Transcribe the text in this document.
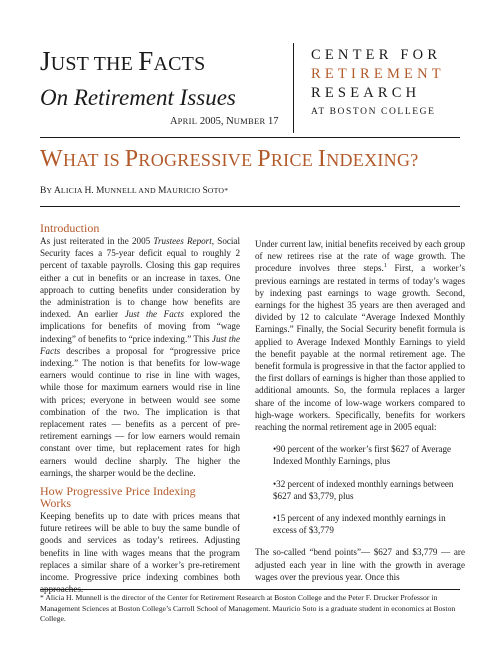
JUST THE FACTS
On Retirement Issues
APRIL 2005, NUMBER 17
CENTER FOR
RETIREMENT
RESEARCH
AT BOSTON COLLEGE
WHAT IS PROGRESSIVE PRICE INDEXING?
BY ALICIA H. MUNNELL AND MAURICIO SOTO*
Introduction
As just reiterated in the 2005 Trustees Report, Social Security faces a 75-year deficit equal to roughly 2 percent of taxable payrolls. Closing this gap requires either a cut in benefits or an increase in taxes. One approach to cutting benefits under consideration by the administration is to change how benefits are indexed. An earlier Just the Facts explored the implications for benefits of moving from “wage indexing” of benefits to “price indexing.” This Just the Facts describes a proposal for “progressive price indexing.” The notion is that benefits for low-wage earners would continue to rise in line with wages, while those for maximum earners would rise in line with prices; everyone in between would see some combination of the two. The implication is that replacement rates — benefits as a percent of pre-retirement earnings — for low earners would remain constant over time, but replacement rates for high earners would decline sharply. The higher the earnings, the sharper would be the decline.
How Progressive Price Indexing
Works
Keeping benefits up to date with prices means that future retirees will be able to buy the same bundle of goods and services as today’s retirees. Adjusting benefits in line with wages means that the program replaces a similar share of a worker’s pre-retirement income. Progressive price indexing combines both
Under current law, initial benefits received by each group of new retirees rise at the rate of wage growth. The procedure involves three steps.$^1$ First, a worker’s previous earnings are restated in terms of today’s wages by indexing past earnings to wage growth. Second, earnings for the highest 35 years are then averaged and divided by 12 to calculate “Average Indexed Monthly Earnings.” Finally, the Social Security benefit formula is applied to Average Indexed Monthly Earnings to yield the benefit payable at the normal retirement age. The benefit formula is progressive in that the factor applied to the first dollars of earnings is higher than those applied to additional amounts. So, the formula replaces a larger share of the income of low-wage workers compared to high-wage workers. Specifically, benefits for workers reaching the normal retirement age in 2005 equal:
•90 percent of the worker’s first $627 of Average Indexed Monthly Earnings, plus
•32 percent of indexed monthly earnings between $627 and $3,779, plus
•15 percent of any indexed monthly earnings in excess of $3,779
The so-called “bend points”— $627 and $3,779 — are adjusted each year in line with the growth in average wages over the previous year. Once this
* Alicia H. Munnell is the director of the Center for Retirement Research at Boston College and the Peter F. Drucker Professor in Management Sciences at Boston College’s Carroll School of Management. Mauricio Soto is a graduate student in economics at Boston College.
